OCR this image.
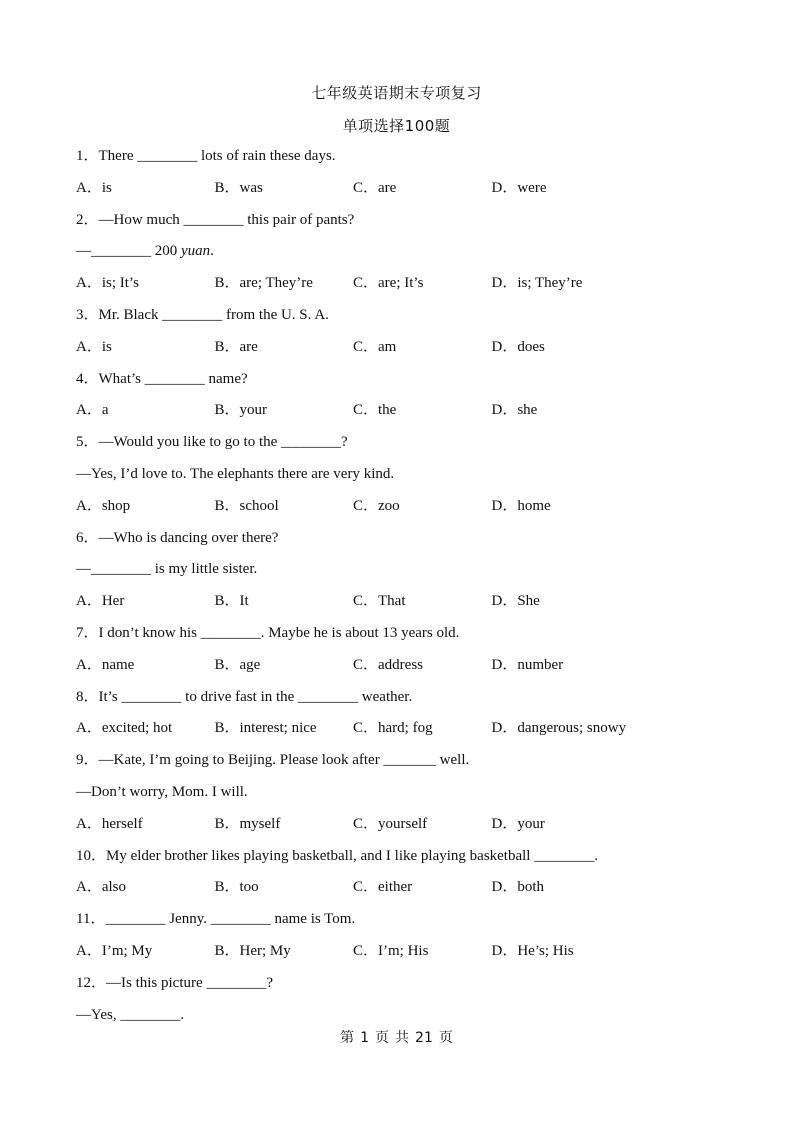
七年级英语期末专项复习
单项选择100题
1．There ________ lots of rain these days.
A．is	B．was	C．are	D．were
2．—How much ________ this pair of pants?
—________ 200 yuan.
A．is; It’s	B．are; They’re	C．are; It’s	D．is; They’re
3．Mr. Black ________ from the U. S. A.
A．is	B．are	C．am	D．does
4．What’s ________ name?
A．a	B．your	C．the	D．she
5．—Would you like to go to the ________?
—Yes, I’d love to. The elephants there are very kind.
A．shop	B．school	C．zoo	D．home
6．—Who is dancing over there?
—________ is my little sister.
A．Her	B．It	C．That	D．She
7．I don’t know his ________. Maybe he is about 13 years old.
A．name	B．age	C．address	D．number
8．It’s ________ to drive fast in the ________ weather.
A．excited; hot	B．interest; nice	C．hard; fog	D．dangerous; snowy
9．—Kate, I’m going to Beijing. Please look after _______ well.
—Don’t worry, Mom. I will.
A．herself	B．myself	C．yourself	D．your
10．My elder brother likes playing basketball, and I like playing basketball ________.
A．also	B．too	C．either	D．both
11．________ Jenny. ________ name is Tom.
A．I’m; My	B．Her; My	C．I’m; His	D．He’s; His
12．—Is this picture ________?
—Yes, ________.
第 1 页 共 21 页
